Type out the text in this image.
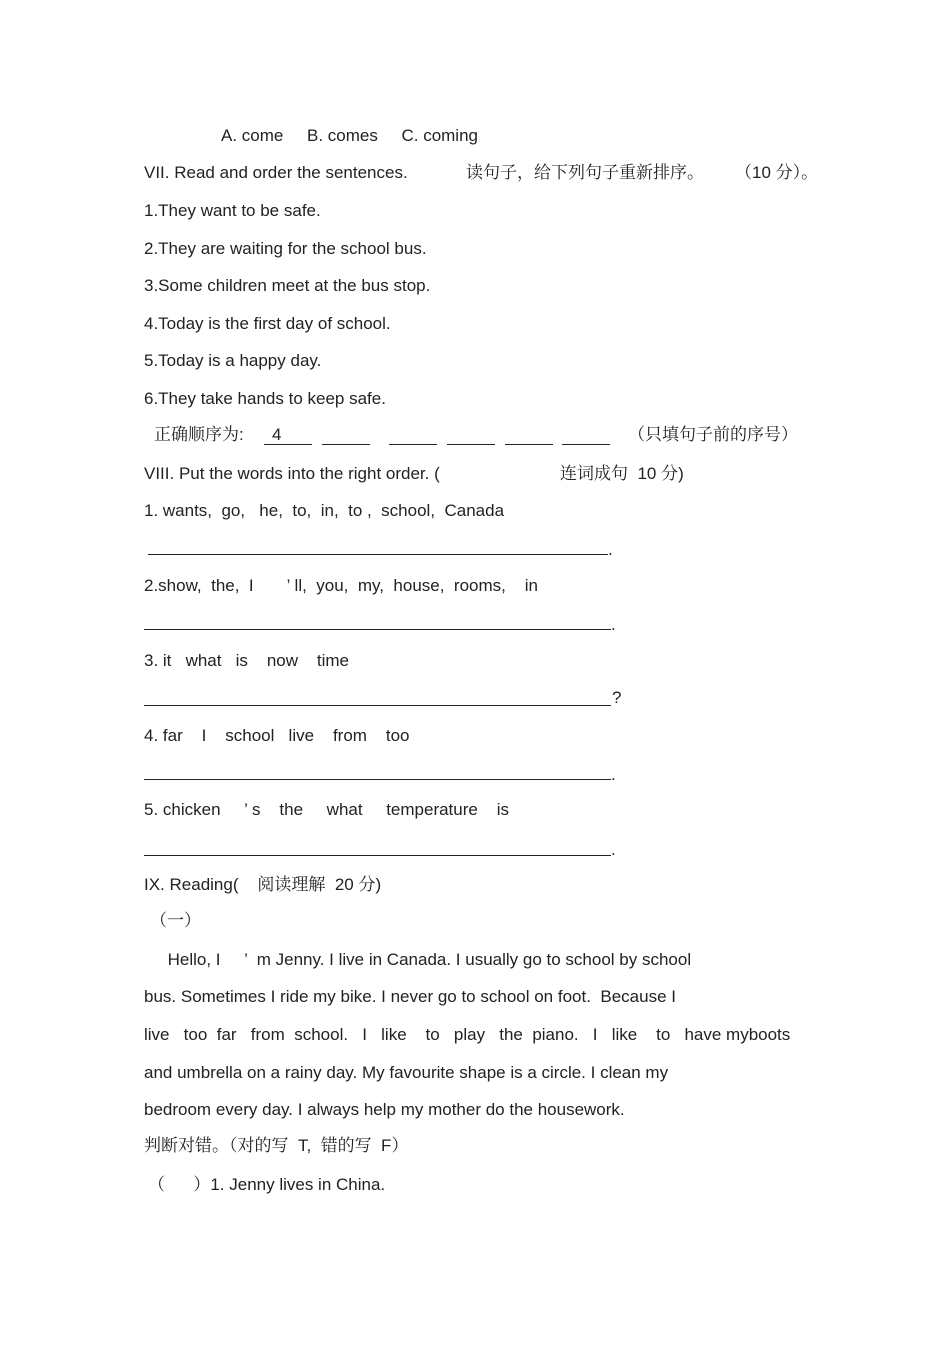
A. come B. comes C. coming
VII. Read and order the sentences.	读句子，给下列句子重新排序。 （10 分）。
1.They want to be safe.
2.They are waiting for the school bus.
3.Some children meet at the bus stop.
4.Today is the first day of school.
5.Today is a happy day.
6.They take hands to keep safe.
正确顺序为:	4	（只填句子前的序号）
VIII. Put the words into the right order. (	连词成句  10 分)
1. wants,  go,   he,  to,  in,  to ,  school,  Canada
.
2.show,  the,  I       ’ ll,  you,  my,  house,  rooms,    in
.
3. it   what   is    now    time
?
4. far    I    school   live    from    too
.
5. chicken     ’ s    the     what     temperature    is
.
IX. Reading(    阅读理解  20 分)
（一）
Hello, I     ’  m Jenny. I live in Canada. I usually go to school by school
bus. Sometimes I ride my bike. I never go to school on foot.  Because I
live   too  far   from  school.   I   like    to   play   the  piano.   I   like    to   have myboots
and umbrella on a rainy day. My favourite shape is a circle. I clean my
bedroom every day. I always help my mother do the housework.
判断对错。（对的写  T,  错的写  F）
（      ）1. Jenny lives in China.
